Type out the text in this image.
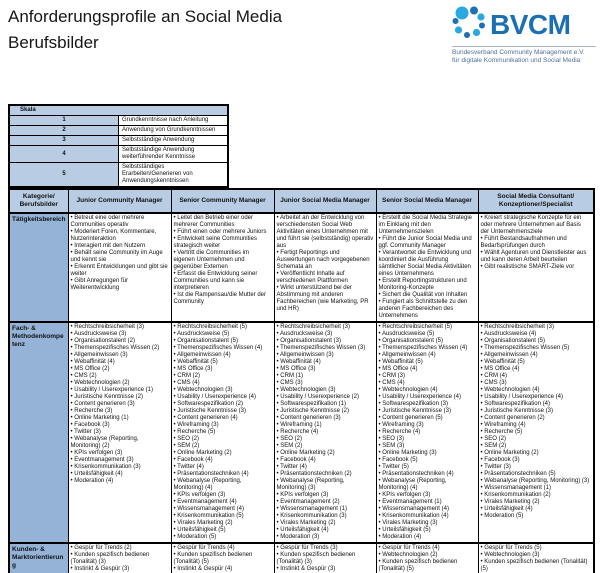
Anforderungsprofile an Social Media
Berufsbilder
BVCM
Bundesverband Community Management e.V.
für digitale Kommunikation und Social Media
Skala	
1	Grundkenntnisse nach Anleitung
2	Anwendung von Grundkenntnissen
3	Selbstständige Anwendung
4	Selbstständige Anwendung weiterführender Kenntnisse
5	Selbstständiges Erarbeiten/Generieren von Anwendungskenntnissen
Kategorie/
Berufsbilder	Junior Community Manager	Senior Community Manager	Junior Social Media Manager	Senior Social Media Manager	Social Media Consultant/ Konzeptioner/Specialist
Tätigkeitsbereich	
•Betreut eine oder mehrere Communities operativ
• Moderiert Foren, Kommentare, Nutzerinteraktion
• Interagiert mit den Nutzern
• Behält seine Community im Auge und kennt sie
• Erkennt Entwicklungen und gibt sie weiter
• Gibt Anregungen für Weiterentwicklung

• Leitet den Betrieb einer oder mehrerer Communities
• Führt einen oder mehrere Juniors
• Entwickelt seine Communities strategisch weiter
• Vertritt die Communities im eigenen Unternehmen und gegenüber Externen
• Erfasst die Entwicklung seiner Communities und kann sie interpretieren
• Ist die Rampensau/die Mutter der Community

• Arbeitet an der Entwicklung von verschiedensten Social Web Aktivitäten eines Unternehmen mit und führt sie (selbstständig) operativ aus
• Fertigt Reportings und Auswertungen nach vorgegebenen Schemata an
• Veröffentlicht Inhalte auf verschiedenen Plattformen
• Wirkt unterstützend bei der Abstimmung mit anderen Fachbereichen (wie Marketing, PR und HR)

• Erstellt die Social Media Strategie im Einklang mit den Unternehmenszielen
• Führt die Junior Social Media und ggf. Community Manager
• Verantwortet die Entwicklung und koordiniert die Ausführung sämtlicher Social Media Aktivitäten eines Unternehmens
• Erstellt Reportingstrukturen und Monitoring-Konzepte
• Sichert die Qualität von Inhalten
• Fungiert als Schnittstelle zu den anderen Fachbereichen des Unternehmens

• Kreiert strategische Konzepte für ein oder mehrere Unternehmen auf Basis der Unternehmensziele
• Führt Bestandsaufnahmen und Bedarfsprüfungen durch
• Wählt Agenturen und Dienstleister aus und kann deren Arbeit beurteilen
• Gibt realistische SMART-Ziele vor

Fach- & Methodenkompetenz	
• Rechtschreibsicherheit (3)
• Ausdrucksweise (3)
• Organisationstalent (2)
• Themenspezifisches Wissen (2)
• Allgemeinwissen (3)
• Webaffinität (4)
• MS Office (2)
• CMS (2)
• Webtechnologien (2)
• Usability / Userexperience (1)
• Juristische Kenntnisse (2)
• Content generieren (3)
• Recherche (3)
• Online Marketing (1)
• Facebook (3)
• Twitter (3)
• Webanalyse (Reporting, Monitoring) (2)
• KPIs verfolgen (3)
• Eventmanagement (3)
• Krisenkommunikation (3)
• Urteilsfähigkeit (4)
• Moderation (4)

• Rechtschreibsicherheit (5)
• Ausdrucksweise (5)
• Organisationstalent (5)
• Themenspezifisches Wissen (4)
• Allgemeinwissen (4)
• Webaffinität (5)
• MS Office (3)
• CRM (2)
• CMS (4)
• Webtechnologien (3)
• Usability / Userexperience (4)
• Softwarespezifikation (2)
• Juristische Kenntnisse (3)
• Content generieren (4)
• Wireframing (3)
• Recherche (5)
• SEO (2)
• SEM (2)
• Online Marketing (2)
• Facebook (4)
• Twitter (4)
• Präsentationstechniken (4)
• Webanalyse (Reporting, Monitoring) (4)
• KPIs verfolgen (3)
• Eventmanagement (4)
• Wissensmanagement (4)
• Krisenkommunikation (5)
• Virales Marketing (2)
• Urteilsfähigkeit (5)
• Moderation (5)

• Rechtschreibsicherheit (3)
• Ausdrucksweise (3)
• Organisationstalent (3)
• Themenspezifisches Wissen (3)
• Allgemeinwissen (3)
• Webaffinität (4)
• MS Office (3)
• CRM (1)
• CMS (3)
• Webtechnologien (3)
• Usability / Userexperience (2)
• Softwarespezifikation (1)
• Juristische Kenntnisse (2)
• Content generieren (3)
• Wireframing (1)
• Recherche (4)
• SEO (2)
• SEM (2)
• Online Marketing (2)
• Facebook (4)
• Twitter (4)
• Präsentationstechniken (2)
• Webanalyse (Reporting, Monitoring) (3)
• KPIs verfolgen (3)
• Eventmanagement (2)
• Wissensmanagement (1)
• Krisenkommunikation (3)
• Virales Marketing (2)
• Urteilsfähigkeit (4)
• Moderation (3)

• Rechtschreibsicherheit (5)
• Ausdrucksweise (5)
• Organisationstalent (5)
• Themenspezifisches Wissen (4)
• Allgemeinwissen (4)
• Webaffinität (5)
• MS Office (4)
• CRM (3)
• CMS (4)
• Webtechnologien (4)
• Usability / Userexperience (4)
• Softwarespezifikation (3)
• Juristische Kenntnisse (3)
• Content generieren (5)
• Wireframing (3)
• Recherche (4)
• SEO (3)
• SEM (3)
• Online Marketing (3)
• Facebook (5)
• Twitter (5)
• Präsentationstechniken (4)
• Webanalyse (Reporting, Monitoring) (4)
• KPIs verfolgen (3)
• Eventmanagement (1)
• Wissensmanagement (4)
• Krisenkommunikation (4)
• Virales Marketing (3)
• Urteilsfähigkeit (5)
• Moderation (4)

• Rechtschreibsicherheit (3)
• Ausdrucksweise (4)
• Organisationstalent (5)
• Themenspezifisches Wissen (5)
• Allgemeinwissen (4)
• Webaffinität (5)
• MS Office (4)
• CRM (4)
• CMS (3)
• Webtechnologien (4)
• Usability / Userexperience (4)
• Softwarespezifikation (4)
• Juristische Kenntnisse (3)
• Content generieren (2)
• Wireframing (4)
• Recherche (5)
• SEO (2)
• SEM (2)
• Online Marketing (2)
• Facebook (3)
• Twitter (3)
• Präsentationstechniken (5)
• Webanalyse (Reporting, Monitoring) (3)
• Wissensmanagement (1)
• Krisenkommunikation (2)
• Virales Marketing (2)
• Urteilsfähigkeit (4)
• Moderation (5)

Kunden- & Marktorientierung	
• Gespür für Trends (2)
• Kunden spezifisch bedienen (Tonalität) (3)
• Instinkt & Gespür (3)

• Gespür für Trends (4)
• Kunden spezifisch bedienen (Tonalität) (5)
• Instinkt & Gespür (4)

• Gespür für Trends (3)
• Kunden spezifisch bedienen (Tonalität) (3)
• Instinkt & Gespür (3)

• Gespür für Trends (4)
• Webtechnologien (2)
• Kunden spezifisch bedienen (Tonalität) (5)

• Gespür für Trends (5)
• Webtechnologien (3)
• Kunden spezifisch bedienen (Tonalität) (5)
